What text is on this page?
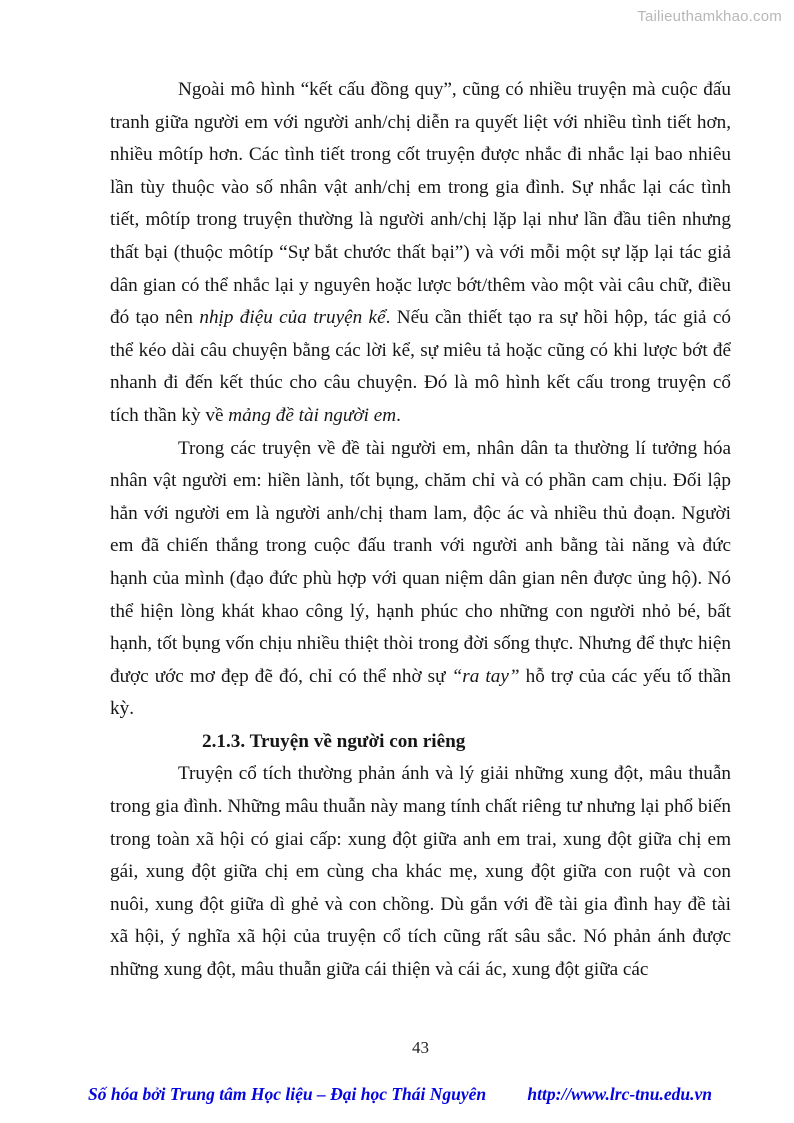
Tailieuthamkhao.com

Ngoài mô hình “kết cấu đồng quy”, cũng có nhiều truyện mà cuộc đấu tranh giữa người em với người anh/chị diễn ra quyết liệt với nhiều tình tiết hơn, nhiều môtíp hơn. Các tình tiết trong cốt truyện được nhắc đi nhắc lại bao nhiêu lần tùy thuộc vào số nhân vật anh/chị em trong gia đình. Sự nhắc lại các tình tiết, môtíp trong truyện thường là người anh/chị lặp lại như lần đầu tiên nhưng thất bại (thuộc môtíp “Sự bắt chước thất bại”) và với mỗi một sự lặp lại tác giả dân gian có thể nhắc lại y nguyên hoặc lược bớt/thêm vào một vài câu chữ, điều đó tạo nên nhịp điệu của truyện kể. Nếu cần thiết tạo ra sự hồi hộp, tác giả có thể kéo dài câu chuyện bằng các lời kể, sự miêu tả hoặc cũng có khi lược bớt để nhanh đi đến kết thúc cho câu chuyện. Đó là mô hình kết cấu trong truyện cổ tích thần kỳ về mảng đề tài người em.

Trong các truyện về đề tài người em, nhân dân ta thường lí tưởng hóa nhân vật người em: hiền lành, tốt bụng, chăm chỉ và có phần cam chịu. Đối lập hẳn với người em là người anh/chị tham lam, độc ác và nhiều thủ đoạn. Người em đã chiến thắng trong cuộc đấu tranh với người anh bằng tài năng và đức hạnh của mình (đạo đức phù hợp với quan niệm dân gian nên được ủng hộ). Nó thể hiện lòng khát khao công lý, hạnh phúc cho những con người nhỏ bé, bất hạnh, tốt bụng vốn chịu nhiều thiệt thòi trong đời sống thực. Nhưng để thực hiện được ước mơ đẹp đẽ đó, chỉ có thể nhờ sự “ra tay” hỗ trợ của các yếu tố thần kỳ.

2.1.3. Truyện về người con riêng

Truyện cổ tích thường phản ánh và lý giải những xung đột, mâu thuẫn trong gia đình. Những mâu thuẫn này mang tính chất riêng tư nhưng lại phổ biến trong toàn xã hội có giai cấp: xung đột giữa anh em trai, xung đột giữa chị em gái, xung đột giữa chị em cùng cha khác mẹ, xung đột giữa con ruột và con nuôi, xung đột giữa dì ghẻ và con chồng. Dù gắn với đề tài gia đình hay đề tài xã hội, ý nghĩa xã hội của truyện cổ tích cũng rất sâu sắc. Nó phản ánh được những xung đột, mâu thuẫn giữa cái thiện và cái ác, xung đột giữa các

43
Số hóa bởi Trung tâm Học liệu – Đại học Thái Nguyên http://www.lrc-tnu.edu.vn
